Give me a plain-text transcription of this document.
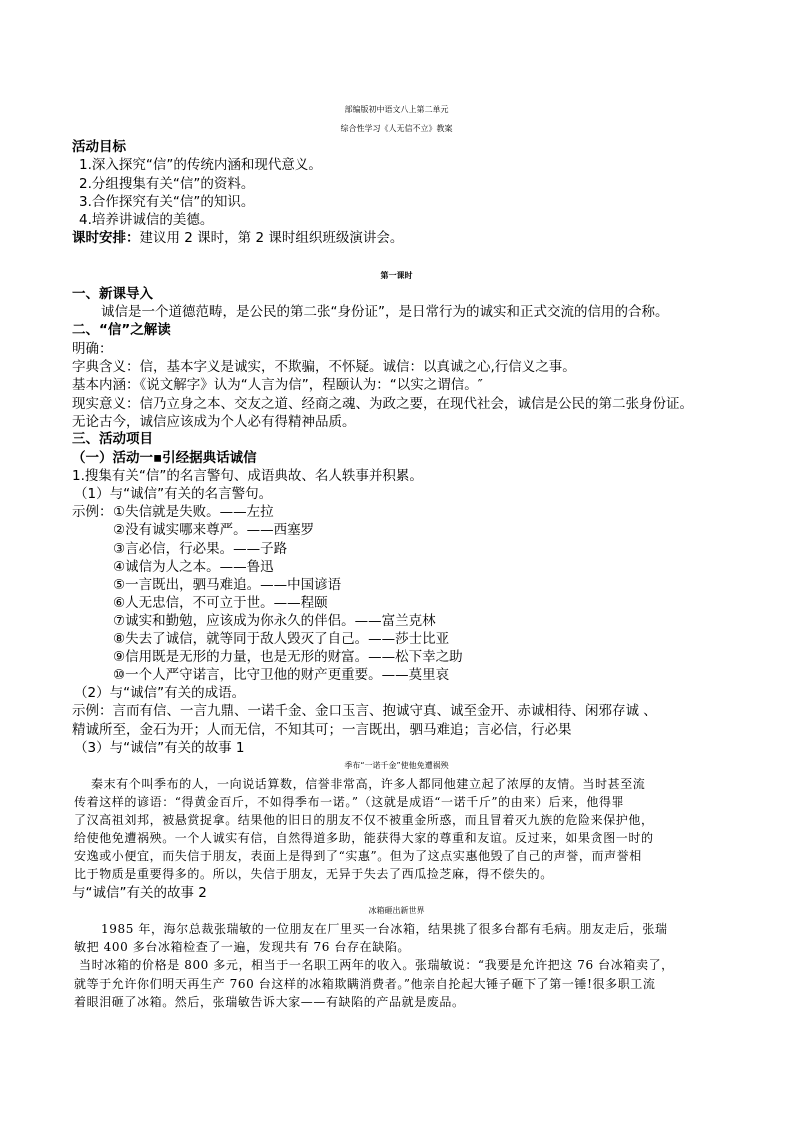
部编版初中语文八上第二单元
综合性学习《人无信不立》教案
活动目标
1.深入探究“信”的传统内涵和现代意义。
2.分组搜集有关“信”的资料。
3.合作探究有关“信”的知识。
4.培养讲诚信的美德。
课时安排：建议用 2 课时，第 2 课时组织班级演讲会。
第一课时
一、新课导入
诚信是一个道德范畴，是公民的第二张“身份证”，是日常行为的诚实和正式交流的信用的合称。
二、“信”之解读
明确：
字典含义：信，基本字义是诚实，不欺骗，不怀疑。诚信：以真诚之心,行信义之事。
基本内涵：《说文解字》认为“人言为信”，程颐认为：“以实之谓信。″
现实意义：信乃立身之本、交友之道、经商之魂、为政之要，在现代社会，诚信是公民的第二张身份证。
无论古今，诚信应该成为个人必有得精神品质。
三、活动项目
（一）活动一▪引经据典话诚信
1.搜集有关“信”的名言警句、成语典故、名人轶事并积累。
（1）与“诚信”有关的名言警句。
示例： ①失信就是失败。——左拉
②没有诚实哪来尊严。——西塞罗
③言必信，行必果。——子路
④诚信为人之本。——鲁迅
⑤一言既出，驷马难追。——中国谚语
⑥人无忠信，不可立于世。——程颐
⑦诚实和勤勉，应该成为你永久的伴侣。——富兰克林
⑧失去了诚信，就等同于敌人毁灭了自己。——莎士比亚
⑨信用既是无形的力量，也是无形的财富。——松下幸之助
⑩一个人严守诺言，比守卫他的财产更重要。——莫里哀
（2）与“诚信”有关的成语。
示例：言而有信、一言九鼎、一诺千金、金口玉言、抱诚守真、诚至金开、赤诚相待、闲邪存诚 、
精诚所至，金石为开；人而无信，不知其可；一言既出，驷马难追；言必信，行必果
（3）与“诚信”有关的故事 1
季布“一诺千金”使他免遭祸殃
秦末有个叫季布的人，一向说话算数，信誉非常高，许多人都同他建立起了浓厚的友情。当时甚至流
传着这样的谚语：“得黄金百斤，不如得季布一诺。”（这就是成语“一诺千斤”的由来）后来，他得罪
了汉高祖刘邦，被悬赏捉拿。结果他的旧日的朋友不仅不被重金所惑，而且冒着灭九族的危险来保护他，
给使他免遭祸殃。一个人诚实有信，自然得道多助，能获得大家的尊重和友谊。反过来，如果贪图一时的
安逸或小便宜，而失信于朋友，表面上是得到了“实惠”。但为了这点实惠他毁了自己的声誉，而声誉相
比于物质是重要得多的。所以，失信于朋友，无异于失去了西瓜捡芝麻，得不偿失的。
与“诚信”有关的故事 2
冰箱砸出新世界
1985 年，海尔总裁张瑞敏的一位朋友在厂里买一台冰箱，结果挑了很多台都有毛病。朋友走后，张瑞
敏把 400 多台冰箱检查了一遍，发现共有 76 台存在缺陷。
当时冰箱的价格是 800 多元，相当于一名职工两年的收入。张瑞敏说：“我要是允许把这 76 台冰箱卖了，
就等于允许你们明天再生产 760 台这样的冰箱欺瞒消费者。”他亲自抡起大锤子砸下了第一锤!很多职工流
着眼泪砸了冰箱。然后，张瑞敏告诉大家——有缺陷的产品就是废品。
